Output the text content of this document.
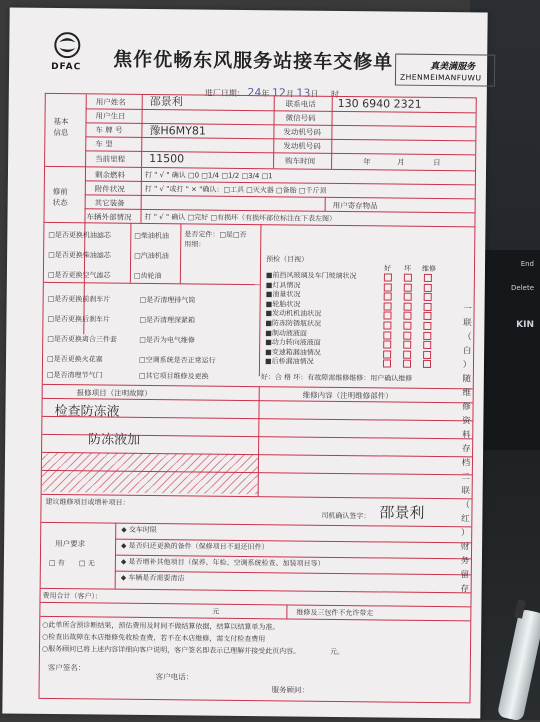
End
Delete
KIN
DFAC 焦作优畅东风服务站接车交修单	真美满服务
ZHENMEIMANFUWU
进厂日期： 24年 12月 13日 时
基本
信息
用户姓名 邵景利	联系电话 130 6940 2321
用户生日	微信号码
车 牌 号 豫H6MY81	发动机号码
车 型	发动机号码
当前里程 11500	购车时间	年	月	日
修前
状态
剩余燃料	打 " √ " 确认 □0 □1/4 □1/2 □3/4 □1
附件状况	打 " √ "或打 " × "确认：□工具 □灭火器 □备胎 □千斤顶
其它装备	用户寄存物品
车辆外部情况 打 " √ " 确认 □完好 □有损坏（有损坏部位标注在下表左图）
□是否更换机油滤芯
□是否更换柴油滤芯
□是否更换空气滤芯
□柴油机油
□汽油机油
□齿轮油
是否定件：□是□否
用细：
□是否更换前刹车片
□是否更换后刹车片
□是否更换离合三件套
□是否更换火花塞
□是否清理节气门
□是否清理排气筒
□是否清理深紧箱
□是否为电气维修
□空调系统是否正常运行
□其它项目维修及更换
预检（目视）
好 坏 维修
■前挡风玻璃及车门玻璃状况
■灯具情况
■油量状况
■轮胎状况
■发动机机油状况
■防冻防锈瓶状况
■制动液液面
■动力转向液液面
■变速箱漏油情况
■后桥漏油情况
好：合 格 坏：有故障需维修维修：用户确认维修
报修项目（注明故障）	维修内容（注明维修部件）
检查防冻液
防冻液加
建议维修项目或增补项目：
司机确认签字： 邵景利
用户要求
□ 有 □ 无
◆ 交车时限
◆ 是否归还更换的备件（保修项目不退还旧件）
◆ 是否增补其他项目（保养、年检、空调系统检查、加装项目等）
◆ 车辆是否需要清洁
费用合计（客户）：
元	维修及三包件不允许带走
○此单所含预诊断结果，预估费用及时间不做结算依据，结算以结算单为准。
○检查出故障在本店维修免收检查费，若不在本店维修，需支付检查费用
○服务顾问已将上述内容详细向客户说明，客户签名即表示已理解并接受此页内容。	元。
客户签名：
客户电话：
服务顾问：
一
联
（
白
）
随
维
修
资
料
存
档
二
联
（
红
）
财
务
留
存
